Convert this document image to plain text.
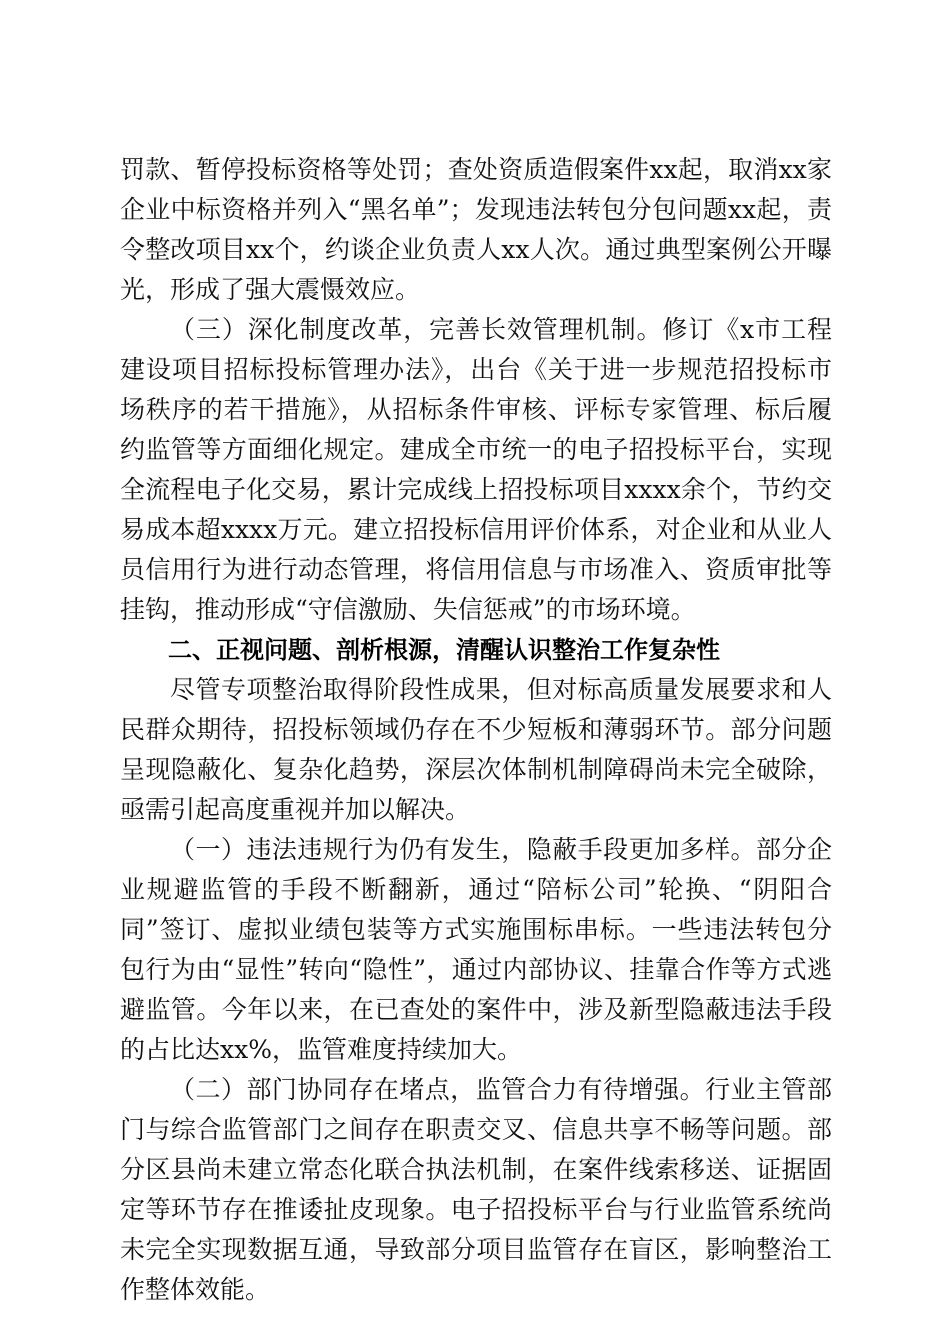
罚款、暂停投标资格等处罚；查处资质造假案件xx起，取消xx家企业中标资格并列入“黑名单”；发现违法转包分包问题xx起，责令整改项目xx个，约谈企业负责人xx人次。通过典型案例公开曝光，形成了强大震慑效应。

（三）深化制度改革，完善长效管理机制。修订《x市工程建设项目招标投标管理办法》，出台《关于进一步规范招投标市场秩序的若干措施》，从招标条件审核、评标专家管理、标后履约监管等方面细化规定。建成全市统一的电子招投标平台，实现全流程电子化交易，累计完成线上招投标项目xxxx余个，节约交易成本超xxxx万元。建立招投标信用评价体系，对企业和从业人员信用行为进行动态管理，将信用信息与市场准入、资质审批等挂钩，推动形成“守信激励、失信惩戒”的市场环境。

二、正视问题、剖析根源，清醒认识整治工作复杂性

尽管专项整治取得阶段性成果，但对标高质量发展要求和人民群众期待，招投标领域仍存在不少短板和薄弱环节。部分问题呈现隐蔽化、复杂化趋势，深层次体制机制障碍尚未完全破除，亟需引起高度重视并加以解决。

（一）违法违规行为仍有发生，隐蔽手段更加多样。部分企业规避监管的手段不断翻新，通过“陪标公司”轮换、“阴阳合同”签订、虚拟业绩包装等方式实施围标串标。一些违法转包分包行为由“显性”转向“隐性”，通过内部协议、挂靠合作等方式逃避监管。今年以来，在已查处的案件中，涉及新型隐蔽违法手段的占比达xx%，监管难度持续加大。

（二）部门协同存在堵点，监管合力有待增强。行业主管部门与综合监管部门之间存在职责交叉、信息共享不畅等问题。部分区县尚未建立常态化联合执法机制，在案件线索移送、证据固定等环节存在推诿扯皮现象。电子招投标平台与行业监管系统尚未完全实现数据互通，导致部分项目监管存在盲区，影响整治工作整体效能。
